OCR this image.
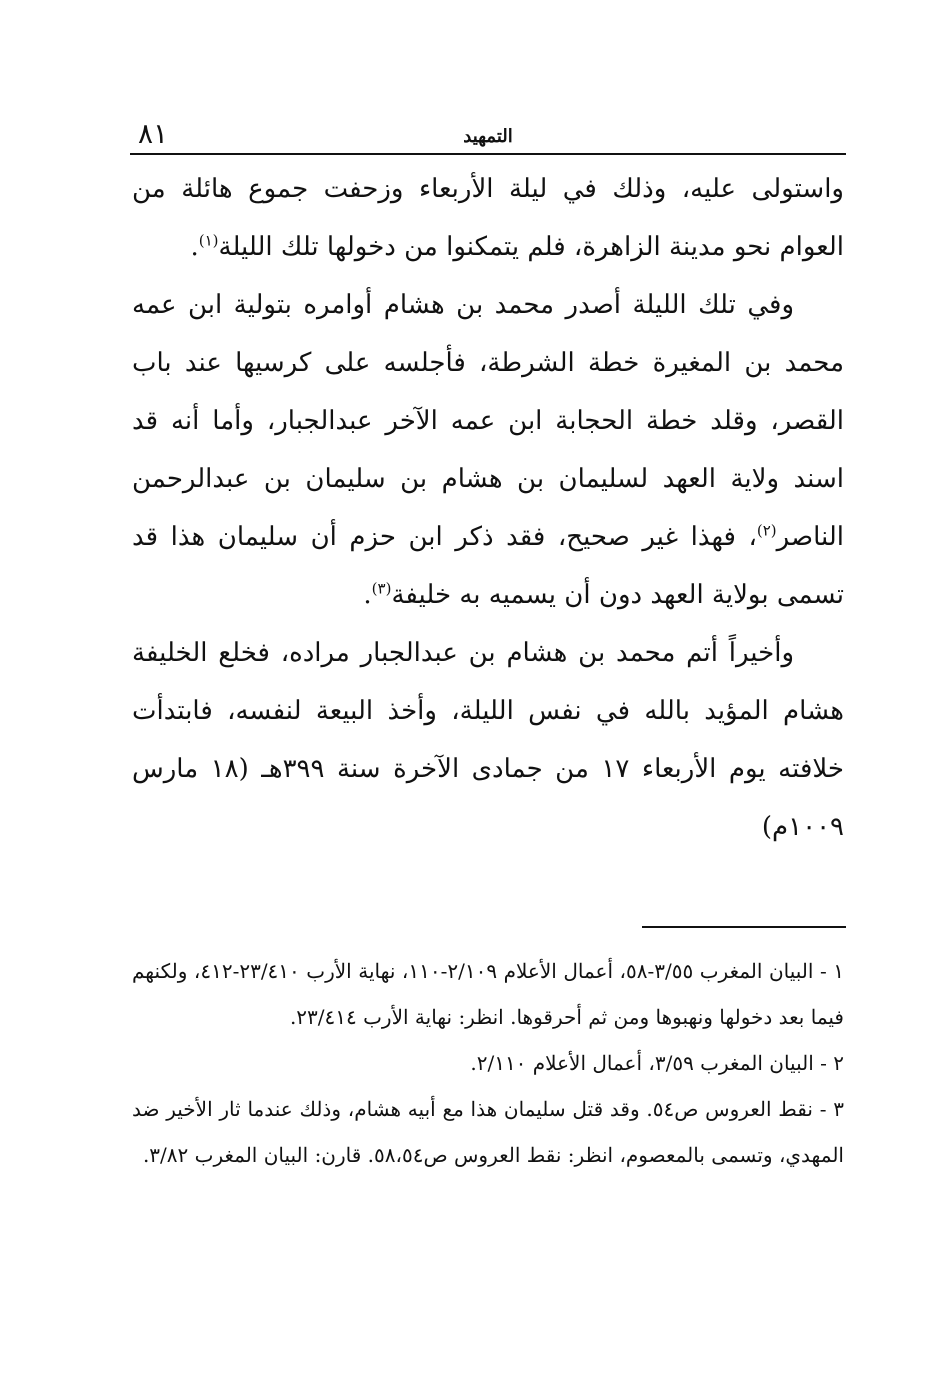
٨١	التمهيد

واستولى عليه، وذلك في ليلة الأربعاء وزحفت جموع هائلة من العوام نحو مدينة الزاهرة، فلم يتمكنوا من دخولها تلك الليلة$^{(١)}$.

وفي تلك الليلة أصدر محمد بن هشام أوامره بتولية ابن عمه محمد بن المغيرة خطة الشرطة، فأجلسه على كرسيها عند باب القصر، وقلد خطة الحجابة ابن عمه الآخر عبدالجبار، وأما أنه قد اسند ولاية العهد لسليمان بن هشام بن سليمان بن عبدالرحمن الناصر$^{(٢)}$، فهذا غير صحيح، فقد ذكر ابن حزم أن سليمان هذا قد تسمى بولاية العهد دون أن يسميه به خليفة$^{(٣)}$.

وأخيراً أتم محمد بن هشام بن عبدالجبار مراده، فخلع الخليفة هشام المؤيد بالله في نفس الليلة، وأخذ البيعة لنفسه، فابتدأت خلافته يوم الأربعاء ١٧ من جمادى الآخرة سنة ٣٩٩هـ (١٨ مارس ١٠٠٩م)

١ - البيان المغرب ٣/٥٥-٥٨، أعمال الأعلام ٢/١٠٩-١١٠، نهاية الأرب ٢٣/٤١٠-٤١٢، ولكنهم فيما بعد دخولها ونهبوها ومن ثم أحرقوها. انظر: نهاية الأرب ٢٣/٤١٤.

٢ - البيان المغرب ٣/٥٩، أعمال الأعلام ٢/١١٠.

٣ - نقط العروس ص٥٤. وقد قتل سليمان هذا مع أبيه هشام، وذلك عندما ثار الأخير ضد المهدي، وتسمى بالمعصوم، انظر: نقط العروس ص٥٨،٥٤. قارن: البيان المغرب ٣/٨٢.
